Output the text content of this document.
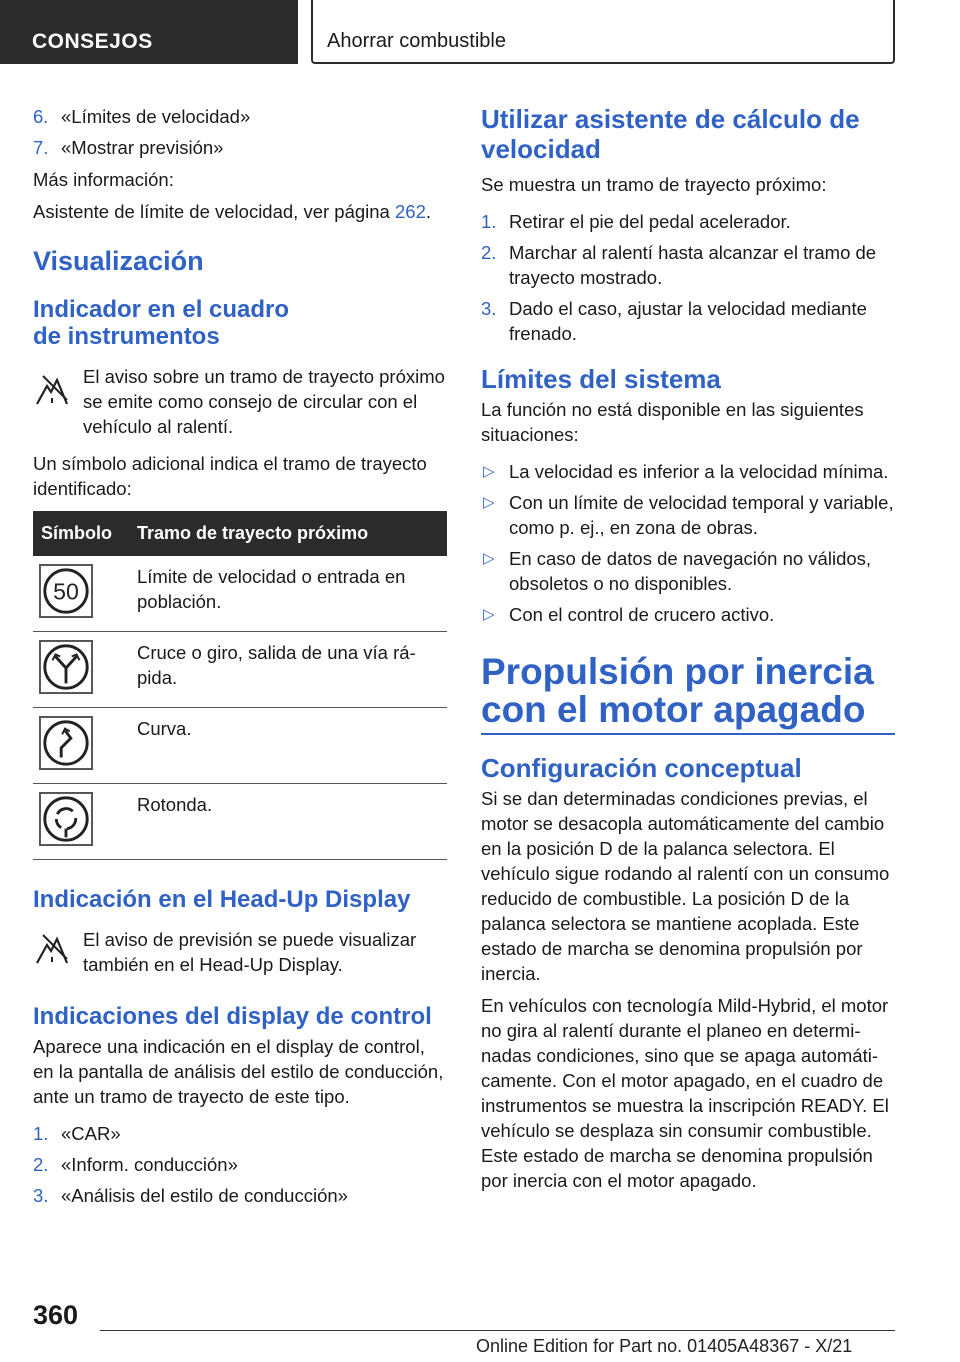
CONSEJOS	Ahorrar combustible
6. «Límites de velocidad»
7. «Mostrar previsión»

Más información:

Asistente de límite de velocidad, ver página 262.

Visualización
Indicador en el cuadro
de instrumentos
El aviso sobre un tramo de trayecto próximo se emite como consejo de circular con el vehículo al ralentí.

Un símbolo adicional indica el tramo de trayecto identificado:

Símbolo	Tramo de trayecto próximo

50	Límite de velocidad o entrada en población.
	Cruce o giro, salida de una vía rápida.
	Curva.
	Rotonda.
Indicación en el Head-Up Display
El aviso de previsión se puede visualizar también en el Head-Up Display.
Indicaciones del display de control

Aparece una indicación en el display de control, en la pantalla de análisis del estilo de conducción, ante un tramo de trayecto de este tipo.

1. «CAR»
2. «Inform. conducción»
3. «Análisis del estilo de conducción»
Utilizar asistente de cálculo de velocidad

Se muestra un tramo de trayecto próximo:

1. Retirar el pie del pedal acelerador.
2. Marchar al ralentí hasta alcanzar el tramo de trayecto mostrado.
3. Dado el caso, ajustar la velocidad mediante frenado.
Límites del sistema

La función no está disponible en las siguientes situaciones:

▷ La velocidad es inferior a la velocidad mínima.
▷ Con un límite de velocidad temporal y variable, como p. ej., en zona de obras.
▷ En caso de datos de navegación no válidos, obsoletos o no disponibles.
▷ Con el control de crucero activo.
Propulsión por inercia con el motor apagado
Configuración conceptual

Si se dan determinadas condiciones previas, el motor se desacopla automáticamente del cambio en la posición D de la palanca selectora. El vehículo sigue rodando al ralentí con un consumo reducido de combustible. La posición D de la palanca selectora se mantiene acoplada. Este estado de marcha se denomina propulsión por inercia.

En vehículos con tecnología Mild-Hybrid, el motor no gira al ralentí durante el planeo en determinadas condiciones, sino que se apaga automáticamente. Con el motor apagado, en el cuadro de instrumentos se muestra la inscripción READY. El vehículo se desplaza sin consumir combustible. Este estado de marcha se denomina propulsión por inercia con el motor apagado.

360
Online Edition for Part no. 01405A48367 - X/21
